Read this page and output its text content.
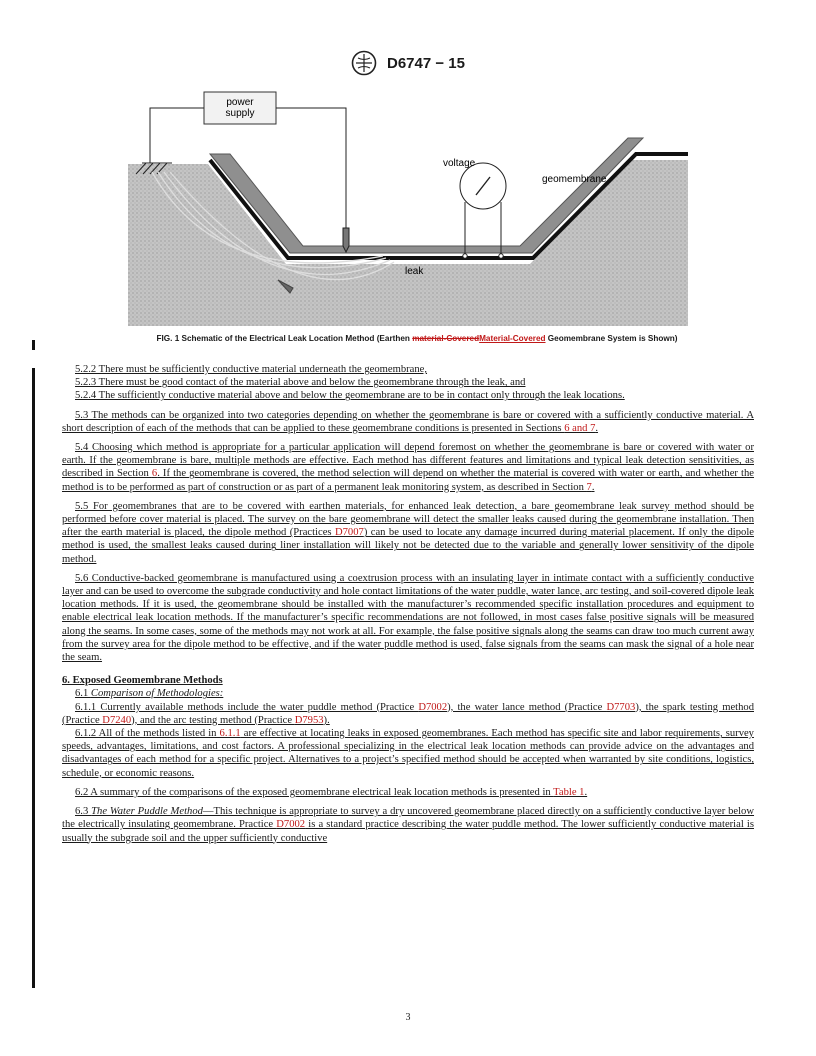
D6747 − 15
power
supply
voltage
geomembrane
leak
FIG. 1 Schematic of the Electrical Leak Location Method (Earthen material-CoveredMaterial-Covered Geomembrane System is Shown)

5.2.2 There must be sufficiently conductive material underneath the geomembrane,

5.2.3 There must be good contact of the material above and below the geomembrane through the leak, and

5.2.4 The sufficiently conductive material above and below the geomembrane are to be in contact only through the leak locations.

5.3 The methods can be organized into two categories depending on whether the geomembrane is bare or covered with a sufficiently conductive material. A short description of each of the methods that can be applied to these geomembrane conditions is presented in Sections 6 and 7.

5.4 Choosing which method is appropriate for a particular application will depend foremost on whether the geomembrane is bare or covered with water or earth. If the geomembrane is bare, multiple methods are effective. Each method has different features and limitations and typical leak detection sensitivities, as described in Section 6. If the geomembrane is covered, the method selection will depend on whether the material is covered with water or earth, and whether the method is to be performed as part of construction or as part of a permanent leak monitoring system, as described in Section 7.

5.5 For geomembranes that are to be covered with earthen materials, for enhanced leak detection, a bare geomembrane leak survey method should be performed before cover material is placed. The survey on the bare geomembrane will detect the smaller leaks caused during the geomembrane installation. Then after the earth material is placed, the dipole method (Practices D7007) can be used to locate any damage incurred during material placement. If only the dipole method is used, the smallest leaks caused during liner installation will likely not be detected due to the variable and generally lower sensitivity of the dipole method.

5.6 Conductive-backed geomembrane is manufactured using a coextrusion process with an insulating layer in intimate contact with a sufficiently conductive layer and can be used to overcome the subgrade conductivity and hole contact limitations of the water puddle, water lance, arc testing, and soil-covered dipole leak location methods. If it is used, the geomembrane should be installed with the manufacturer’s recommended specific installation procedures and equipment to enable electrical leak location methods. If the manufacturer’s specific recommendations are not followed, in most cases false positive signals will be measured along the seams. In some cases, some of the methods may not work at all. For example, the false positive signals along the seams can draw too much current away from the survey area for the dipole method to be effective, and if the water puddle method is used, false signals from the seams can mask the signal of a hole near the seam.

6. Exposed Geomembrane Methods

6.1 Comparison of Methodologies:

6.1.1 Currently available methods include the water puddle method (Practice D7002), the water lance method (Practice D7703), the spark testing method (Practice D7240), and the arc testing method (Practice D7953).

6.1.2 All of the methods listed in 6.1.1 are effective at locating leaks in exposed geomembranes. Each method has specific site and labor requirements, survey speeds, advantages, limitations, and cost factors. A professional specializing in the electrical leak location methods can provide advice on the advantages and disadvantages of each method for a specific project. Alternatives to a project’s specified method should be accepted when warranted by site conditions, logistics, schedule, or economic reasons.

6.2 A summary of the comparisons of the exposed geomembrane electrical leak location methods is presented in Table 1.

6.3 The Water Puddle Method—This technique is appropriate to survey a dry uncovered geomembrane placed directly on a sufficiently conductive layer below the electrically insulating geomembrane. Practice D7002 is a standard practice describing the water puddle method. The lower sufficiently conductive material is usually the subgrade soil and the upper sufficiently conductive

3
